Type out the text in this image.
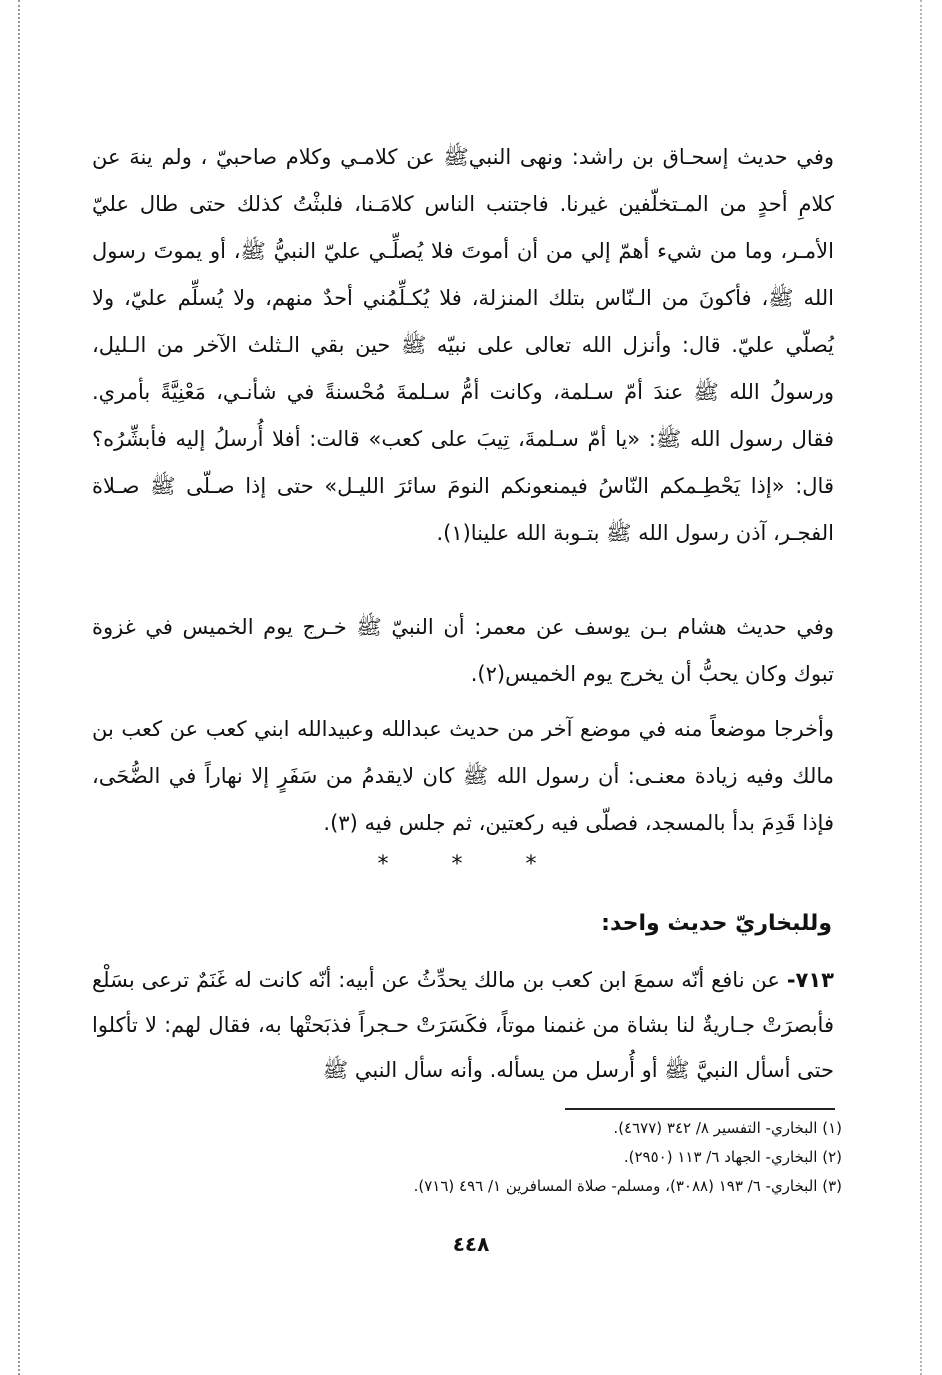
وفي حديث إسحـاق بن راشد: ونهى النبيﷺ عن كلامـي وكلام صاحبيّ ، ولم ينهَ عن كلامِ أحدٍ من المـتخلّفين غيرنا. فاجتنب الناس كلامَـنا، فلبثْتُ كذلك حتى طال عليّ الأمـر، وما من شيء أهمّ إلي من أن أموتَ فلا يُصلِّـي عليّ النبيُّ ﷺ، أو يموتَ رسول الله ﷺ، فأكونَ من الـنّاس بتلك المنزلة، فلا يُكـلِّمُني أحدٌ منهم، ولا يُسلِّم عليّ، ولا يُصلّي عليّ. قال: وأنزل الله تعالى على نبيّه ﷺ حين بقي الـثلث الآخر من الـليل، ورسولُ الله ﷺ عندَ أمّ سـلمة، وكانت أمُّ سـلمةَ مُحْسنةً في شأنـي، مَعْنِيَّةً بأمري. فقال رسول الله ﷺ: «يا أمّ سـلمةَ، تِيبَ على كعب» قالت: أفلا أُرسلُ إليه فأبشِّرُه؟ قال: «إذا يَحْطِـمكم النّاسُ فيمنعونكم النومَ سائرَ الليـل» حتى إذا صـلّى ﷺ صـلاة الفجـر، آذن رسول الله ﷺ بتـوبة الله علينا(١).

وفي حديث هشام بـن يوسف عن معمر: أن النبيّ ﷺ خـرج يوم الخميس في غزوة تبوك وكان يحبُّ أن يخرج يوم الخميس(٢).

وأخرجا موضعاً منه في موضع آخر من حديث عبدالله وعبيدالله ابني كعب عن كعب بن مالك وفيه زيادة معنـى: أن رسول الله ﷺ كان لايقدمُ من سَفَرٍ إلا نهاراً في الضُّحَى، فإذا قَدِمَ بدأ بالمسجد، فصلّى فيه ركعتين، ثم جلس فيه (٣).

* * *
وللبخاريّ حديث واحد:
٧١٣- عن نافع أنّه سمعَ ابن كعب بن مالك يحدِّثُ عن أبيه: أنّه كانت له غَنَمٌ ترعى بسَلْع فأبصرَتْ جـاريةٌ لنا بشاة من غنمنا موتاً، فكَسَرَتْ حـجراً فذبَحتْها به، فقال لهم: لا تأكلوا حتى أسأل النبيَّ ﷺ أو أُرسل من يسأله. وأنه سأل النبي ﷺ

(١) البخاري- التفسير ٨/ ٣٤٢ (٤٦٧٧).

(٢) البخاري- الجهاد ٦/ ١١٣ (٢٩٥٠).

(٣) البخاري- ٦/ ١٩٣ (٣٠٨٨)، ومسلم- صلاة المسافرين ١/ ٤٩٦ (٧١٦).

٤٤٨
